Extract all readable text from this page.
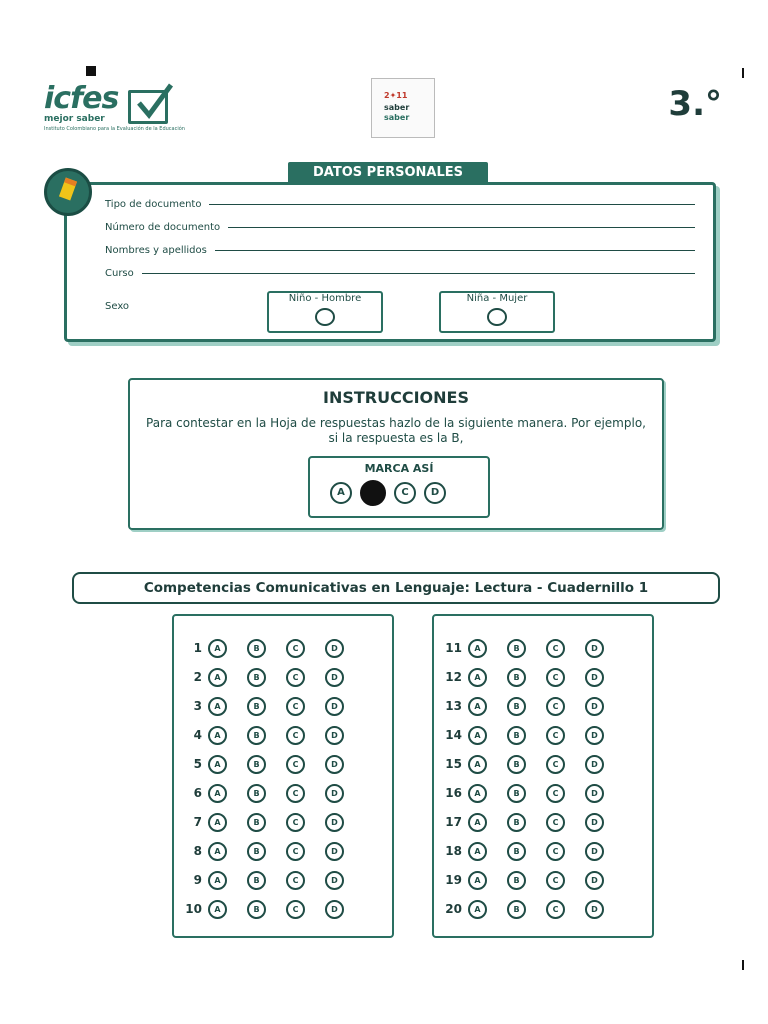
icfes
mejor saber
Instituto Colombiano para la Evaluación de la Educación
2✦11
saber
saber	3.°
Tipo de documento
Número de documento
Nombres y apellidos
Curso
Sexo
Niño - Hombre	Niña - Mujer
DATOS PERSONALES
INSTRUCCIONES
Para contestar en la Hoja de respuestas hazlo de la siguiente manera. Por ejemplo, si la respuesta es la B,
MARCA ASÍ
A	C	D
Competencias Comunicativas en Lenguaje: Lectura - Cuadernillo 1
1	A	B	C	D
2	A	B	C	D
3	A	B	C	D
4	A	B	C	D
5	A	B	C	D
6	A	B	C	D
7	A	B	C	D
8	A	B	C	D
9	A	B	C	D
10	A	B	C	D
11	A	B	C	D
12	A	B	C	D
13	A	B	C	D
14	A	B	C	D
15	A	B	C	D
16	A	B	C	D
17	A	B	C	D
18	A	B	C	D
19	A	B	C	D
20	A	B	C	D
